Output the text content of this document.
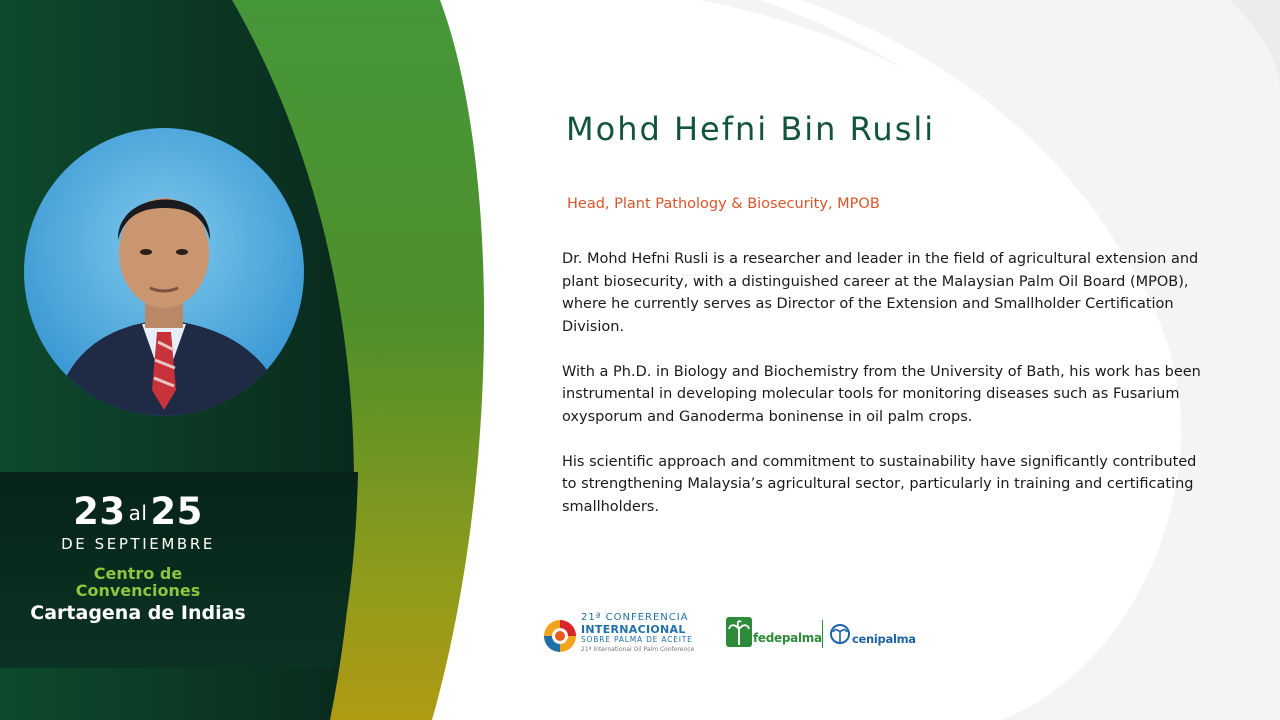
23 al25
DE SEPTIEMBRE
Centro de
Convenciones
Cartagena de Indias
Mohd Hefni Bin Rusli
Head, Plant Pathology & Biosecurity, MPOB

Dr. Mohd Hefni Rusli is a researcher and leader in the field of agricultural extension and plant biosecurity, with a distinguished career at the Malaysian Palm Oil Board (MPOB), where he currently serves as Director of the Extension and Smallholder Certification Division.

With a Ph.D. in Biology and Biochemistry from the University of Bath, his work has been instrumental in developing molecular tools for monitoring diseases such as Fusarium oxysporum and Ganoderma boninense in oil palm crops.

His scientific approach and commitment to sustainability have significantly contributed to strengthening Malaysia’s agricultural sector, particularly in training and certificating smallholders.

21ª CONFERENCIA
INTERNACIONAL
SOBRE PALMA DE ACEITE
21ª International Oil Palm Conference
fedepalma	cenipalma
